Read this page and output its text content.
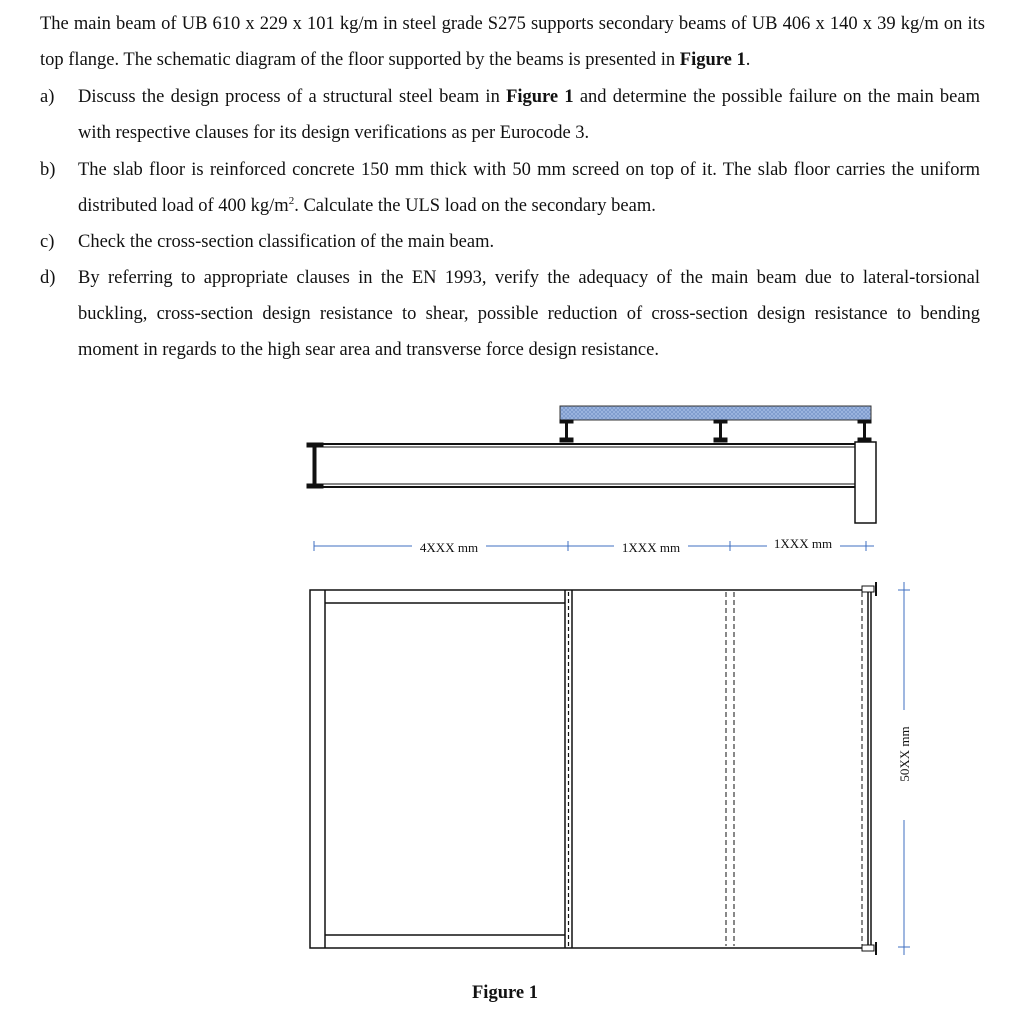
The main beam of UB 610 x 229 x 101 kg/m in steel grade S275 supports secondary beams of UB 406 x 140 x 39 kg/m on its top flange. The schematic diagram of the floor supported by the beams is presented in Figure 1.
a) Discuss the design process of a structural steel beam in Figure 1 and determine the possible failure on the main beam with respective clauses for its design verifications as per Eurocode 3.
b) The slab floor is reinforced concrete 150 mm thick with 50 mm screed on top of it. The slab floor carries the uniform distributed load of 400 $kg/m^2$. Calculate the ULS load on the secondary beam.
c) Check the cross-section classification of the main beam.
d) By referring to appropriate clauses in the EN 1993, verify the adequacy of the main beam due to lateral-torsional buckling, cross-section design resistance to shear, possible reduction of cross-section design resistance to bending moment in regards to the high sear area and transverse force design resistance.
4XXX mm	1XXX mm	1XXX mm
50XX mm
Figure 1
